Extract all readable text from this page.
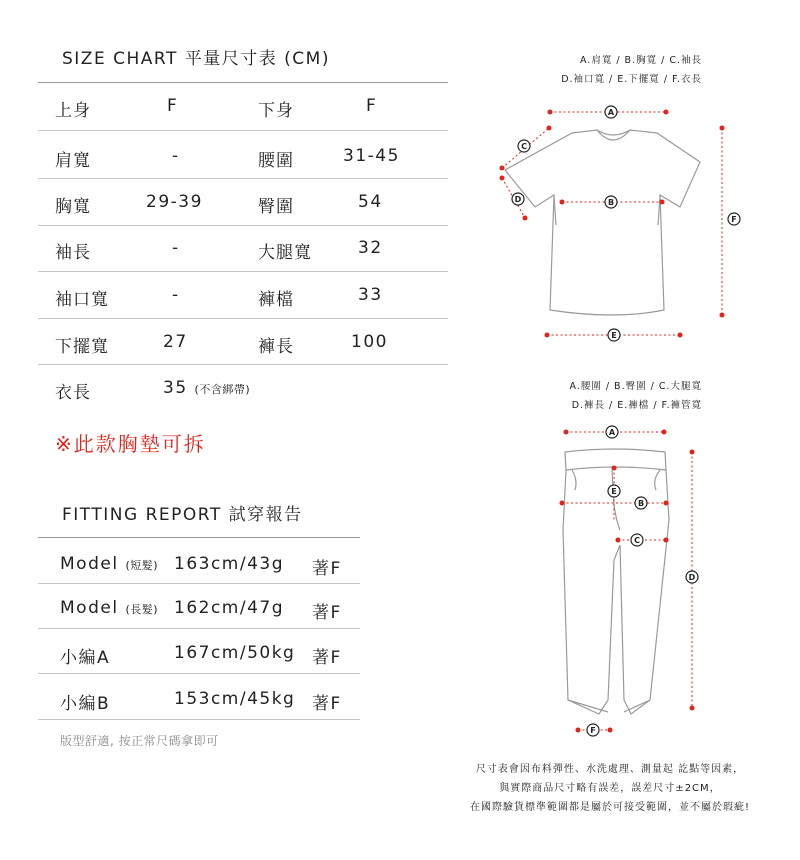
SIZE CHART 平量尺寸表 (CM)
上身	F	下身	F
肩寬	-	腰圍	31-45
胸寬	29-39	臀圍	54
袖長	-	大腿寬	32
袖口寬	-	褲檔	33
下擺寬	27	褲長	100
衣長	35 (不含綁帶)
※此款胸墊可拆
FITTING REPORT 試穿報告
Model (短髮) 163cm/43g 著F
Model (長髮) 162cm/47g 著F
小編A	167cm/50kg 著F
小編B	153cm/45kg 著F
版型舒適, 按正常尺碼拿即可
A.肩寬 / B.胸寬 / C.袖長
D.袖口寬 / E.下擺寬 / F.衣長
A.腰圍 / B.臀圍 / C.大腿寬
D.褲長 / E.褲檔 / F.褲管寬
A
C
D	B
E
F
A
E
B
C
D
F
尺寸表會因布料彈性、水洗處理、測量起 訖點等因素，
與實際商品尺寸略有誤差，誤差尺寸±2CM，
在國際驗貨標準範圍都是屬於可接受範圍，並不屬於瑕疵!
